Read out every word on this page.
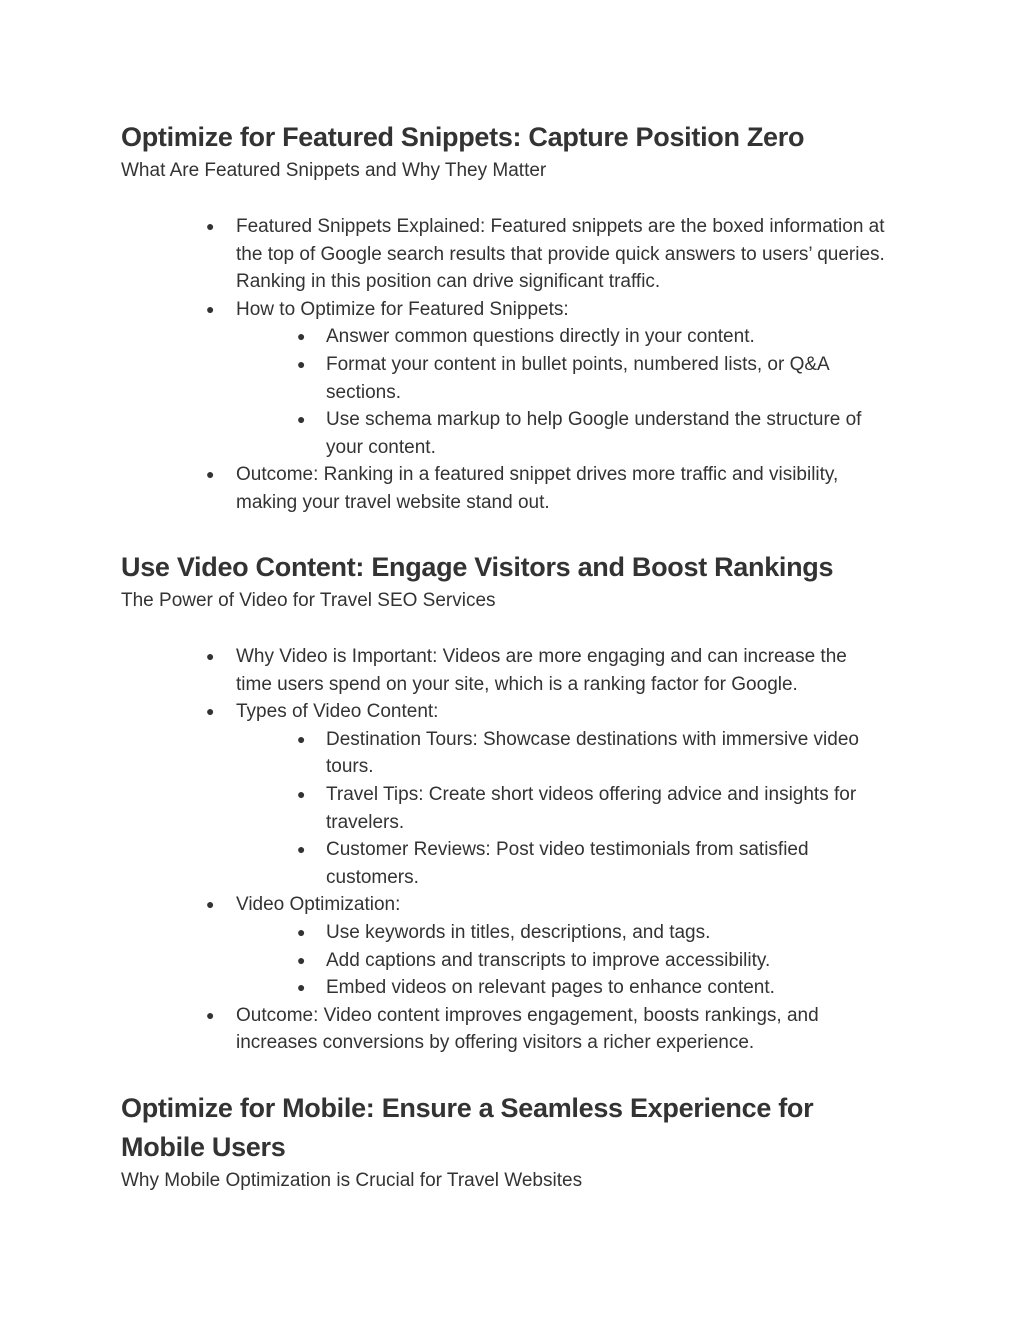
Optimize for Featured Snippets: Capture Position Zero

What Are Featured Snippets and Why They Matter

● Featured Snippets Explained: Featured snippets are the boxed information at the top of Google search results that provide quick answers to users’ queries. Ranking in this position can drive significant traffic.
● How to Optimize for Featured Snippets:
● Answer common questions directly in your content.
● Format your content in bullet points, numbered lists, or Q&A sections.
● Use schema markup to help Google understand the structure of your content.
● Outcome: Ranking in a featured snippet drives more traffic and visibility, making your travel website stand out.
Use Video Content: Engage Visitors and Boost Rankings

The Power of Video for Travel SEO Services

● Why Video is Important: Videos are more engaging and can increase the time users spend on your site, which is a ranking factor for Google.
● Types of Video Content:
● Destination Tours: Showcase destinations with immersive video tours.
● Travel Tips: Create short videos offering advice and insights for travelers.
● Customer Reviews: Post video testimonials from satisfied customers.
● Video Optimization:
● Use keywords in titles, descriptions, and tags.
● Add captions and transcripts to improve accessibility.
● Embed videos on relevant pages to enhance content.
● Outcome: Video content improves engagement, boosts rankings, and increases conversions by offering visitors a richer experience.
Optimize for Mobile: Ensure a Seamless Experience for Mobile Users

Why Mobile Optimization is Crucial for Travel Websites
